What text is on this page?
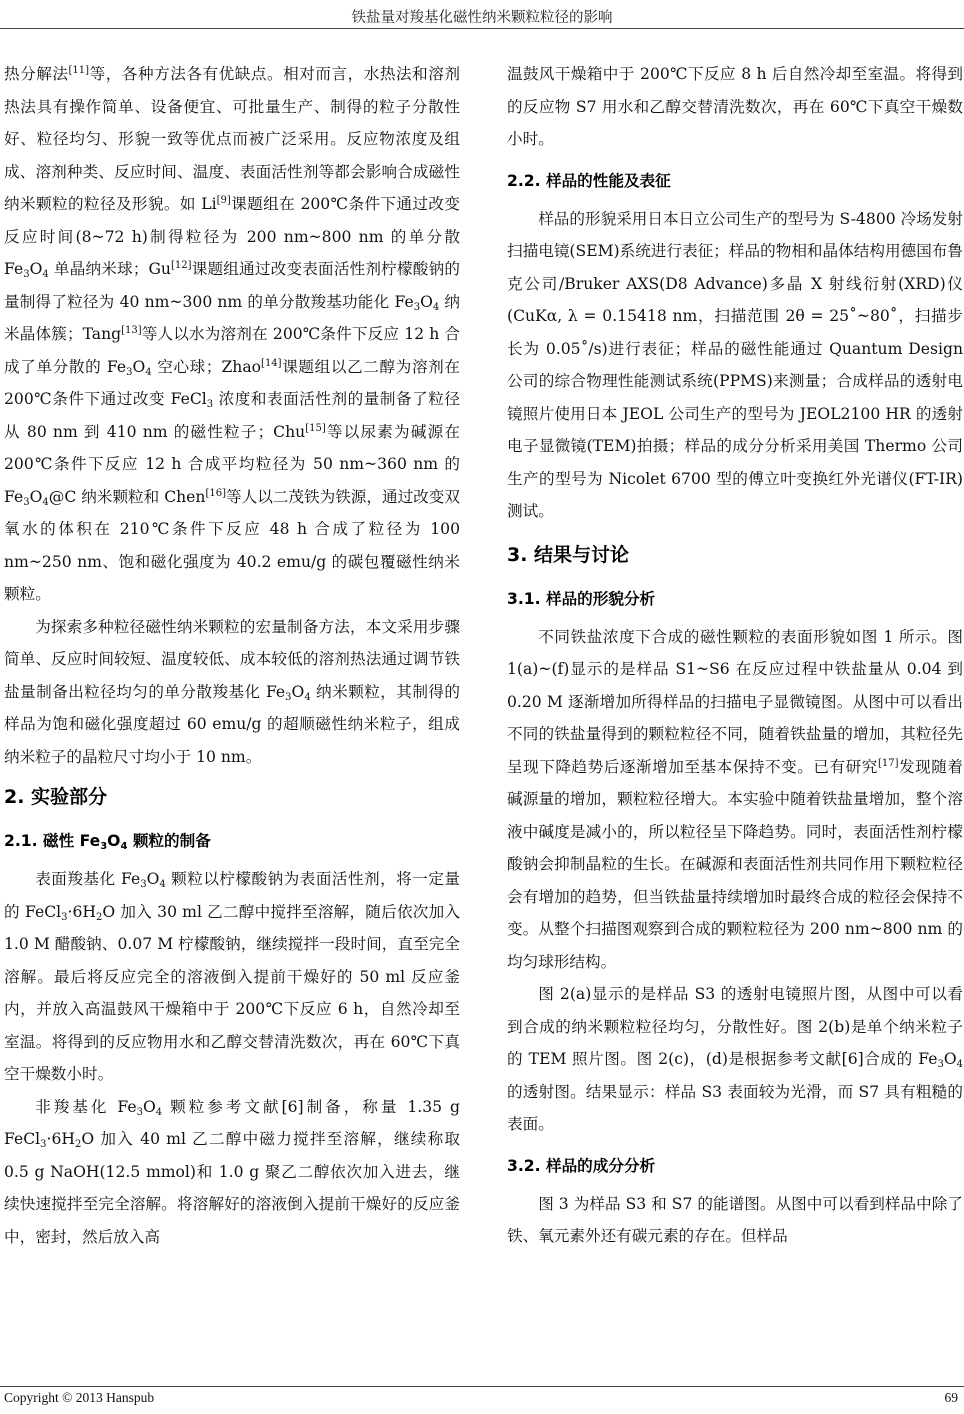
铁盐量对羧基化磁性纳米颗粒粒径的影响

热分解法[11]等，各种方法各有优缺点。相对而言，水热法和溶剂热法具有操作简单、设备便宜、可批量生产、制得的粒子分散性好、粒径均匀、形貌一致等优点而被广泛采用。反应物浓度及组成、溶剂种类、反应时间、温度、表面活性剂等都会影响合成磁性纳米颗粒的粒径及形貌。如 Li[9]课题组在 200℃条件下通过改变反应时间(8~72 h)制得粒径为 200 nm~800 nm 的单分散 $Fe_3O_4$ 单晶纳米球；Gu[12]课题组通过改变表面活性剂柠檬酸钠的量制得了粒径为 40 nm~300 nm 的单分散羧基功能化 $Fe_3O_4$ 纳米晶体簇；Tang[13]等人以水为溶剂在 200℃条件下反应 12 h 合成了单分散的 $Fe_3O_4$ 空心球；Zhao[14]课题组以乙二醇为溶剂在 200℃条件下通过改变 FeCl$_3$ 浓度和表面活性剂的量制备了粒径从 80 nm 到 410 nm 的磁性粒子；Chu[15]等以尿素为碱源在 200℃条件下反应 12 h 合成平均粒径为 50 nm~360 nm 的 $Fe_3O_4@C$ 纳米颗粒和 Chen[16]等人以二茂铁为铁源，通过改变双氧水的体积在 210℃条件下反应 48 h 合成了粒径为 100 nm~250 nm、饱和磁化强度为 40.2 emu/g 的碳包覆磁性纳米颗粒。

为探索多种粒径磁性纳米颗粒的宏量制备方法，本文采用步骤简单、反应时间较短、温度较低、成本较低的溶剂热法通过调节铁盐量制备出粒径均匀的单分散羧基化 $Fe_3O_4$ 纳米颗粒，其制得的样品为饱和磁化强度超过 60 emu/g 的超顺磁性纳米粒子，组成纳米粒子的晶粒尺寸均小于 10 nm。

2. 实验部分
2.1. 磁性 $Fe_3O_4$ 颗粒的制备

表面羧基化 $Fe_3O_4$ 颗粒以柠檬酸钠为表面活性剂，将一定量的 $FeCl_3\cdot 6H_2O$ 加入 30 ml 乙二醇中搅拌至溶解，随后依次加入 1.0 M 醋酸钠、0.07 M 柠檬酸钠，继续搅拌一段时间，直至完全溶解。最后将反应完全的溶液倒入提前干燥好的 50 ml 反应釜内，并放入高温鼓风干燥箱中于 200℃下反应 6 h，自然冷却至室温。将得到的反应物用水和乙醇交替清洗数次，再在 60℃下真空干燥数小时。

非羧基化 $Fe_3O_4$ 颗粒参考文献[6]制备，称量 1.35 g $FeCl_3\cdot 6H_2O$ 加入 40 ml 乙二醇中磁力搅拌至溶解，继续称取 0.5 g NaOH(12.5 mmol)和 1.0 g 聚乙二醇依次加入进去，继续快速搅拌至完全溶解。将溶解好的溶液倒入提前干燥好的反应釜中，密封，然后放入高

温鼓风干燥箱中于 200℃下反应 8 h 后自然冷却至室温。将得到的反应物 S7 用水和乙醇交替清洗数次，再在 60℃下真空干燥数小时。

2.2. 样品的性能及表征

样品的形貌采用日本日立公司生产的型号为 S-4800 冷场发射扫描电镜(SEM)系统进行表征；样品的物相和晶体结构用德国布鲁克公司/Bruker AXS(D8 Advance)多晶 X 射线衍射(XRD)仪(CuKα, λ = 0.15418 nm，扫描范围 2θ = 25˚~80˚，扫描步长为 0.05˚/s)进行表征；样品的磁性能通过 Quantum Design 公司的综合物理性能测试系统(PPMS)来测量；合成样品的透射电镜照片使用日本 JEOL 公司生产的型号为 JEOL2100 HR 的透射电子显微镜(TEM)拍摄；样品的成分分析采用美国 Thermo 公司生产的型号为 Nicolet 6700 型的傅立叶变换红外光谱仪(FT-IR)测试。

3. 结果与讨论
3.1. 样品的形貌分析

不同铁盐浓度下合成的磁性颗粒的表面形貌如图 1 所示。图 1(a)~(f)显示的是样品 S1~S6 在反应过程中铁盐量从 0.04 到 0.20 M 逐渐增加所得样品的扫描电子显微镜图。从图中可以看出不同的铁盐量得到的颗粒粒径不同，随着铁盐量的增加，其粒径先呈现下降趋势后逐渐增加至基本保持不变。已有研究[17]发现随着碱源量的增加，颗粒粒径增大。本实验中随着铁盐量增加，整个溶液中碱度是减小的，所以粒径呈下降趋势。同时，表面活性剂柠檬酸钠会抑制晶粒的生长。在碱源和表面活性剂共同作用下颗粒粒径会有增加的趋势，但当铁盐量持续增加时最终合成的粒径会保持不变。从整个扫描图观察到合成的颗粒粒径为 200 nm~800 nm 的均匀球形结构。

图 2(a)显示的是样品 S3 的透射电镜照片图，从图中可以看到合成的纳米颗粒粒径均匀，分散性好。图 2(b)是单个纳米粒子的 TEM 照片图。图 2(c)，(d)是根据参考文献[6]合成的 $Fe_3O_4$ 的透射图。结果显示：样品 S3 表面较为光滑，而 S7 具有粗糙的表面。

3.2. 样品的成分分析

图 3 为样品 S3 和 S7 的能谱图。从图中可以看到样品中除了铁、氧元素外还有碳元素的存在。但样品

Copyright © 2013 Hanspub	69
